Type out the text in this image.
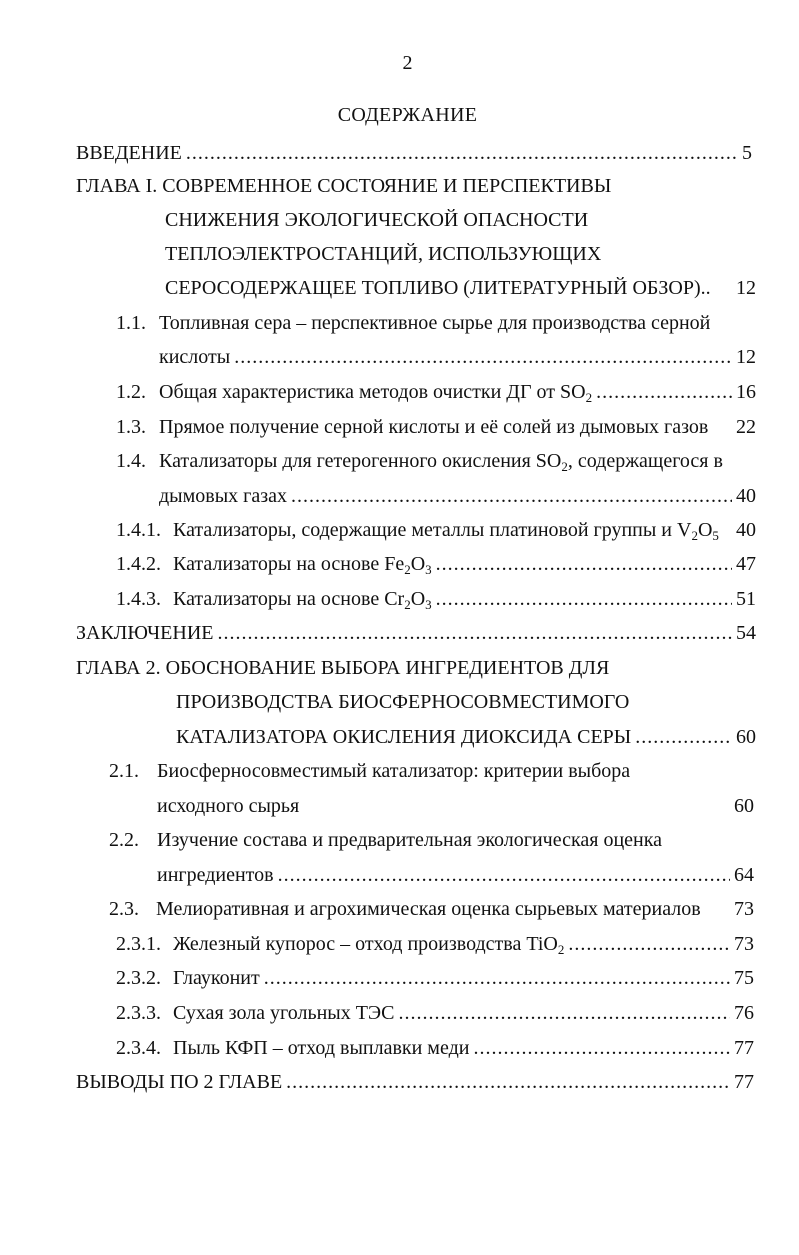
2
СОДЕРЖАНИЕ
ВВЕДЕНИЕ .....	5
ГЛАВА I. СОВРЕМЕННОЕ СОСТОЯНИЕ И ПЕРСПЕКТИВЫ
СНИЖЕНИЯ ЭКОЛОГИЧЕСКОЙ ОПАСНОСТИ
ТЕПЛОЭЛЕКТРОСТАНЦИЙ, ИСПОЛЬЗУЮЩИХ
СЕРОСОДЕРЖАЩЕЕ ТОПЛИВО (ЛИТЕРАТУРНЫЙ ОБЗОР).. 12
1.1. Топливная сера – перспективное сырье для производства серной
кислоты .....	12
1.2. Общая характеристика методов очистки ДГ от $SO_2$ .....	16
1.3. Прямое получение серной кислоты и её солей из дымовых газов 22
1.4. Катализаторы для гетерогенного окисления $SO_2$, содержащегося в
дымовых газах .....	40
1.4.1. Катализаторы, содержащие металлы платиновой группы и $V_2O_5$ 40
1.4.2. Катализаторы на основе $Fe_2O_3$ .....	47
1.4.3. Катализаторы на основе $Cr_2O_3$ .....	51
ЗАКЛЮЧЕНИЕ .....	54
ГЛАВА 2. ОБОСНОВАНИЕ ВЫБОРА ИНГРЕДИЕНТОВ ДЛЯ
ПРОИЗВОДСТВА БИОСФЕРНОСОВМЕСТИМОГО
КАТАЛИЗАТОРА ОКИСЛЕНИЯ ДИОКСИДА СЕРЫ .....	60
2.1. Биосферносовместимый катализатор: критерии выбора
исходного сырья	60
2.2. Изучение состава и предварительная экологическая оценка
ингредиентов .....	64
2.3. Мелиоративная и агрохимическая оценка сырьевых материалов 73
2.3.1. Железный купорос – отход производства TiO$_2$ .....	73
2.3.2. Глауконит .....	75
2.3.3. Сухая зола угольных ТЭС .....	76
2.3.4. Пыль КФП – отход выплавки меди .....	77
ВЫВОДЫ ПО 2 ГЛАВЕ .....	77
